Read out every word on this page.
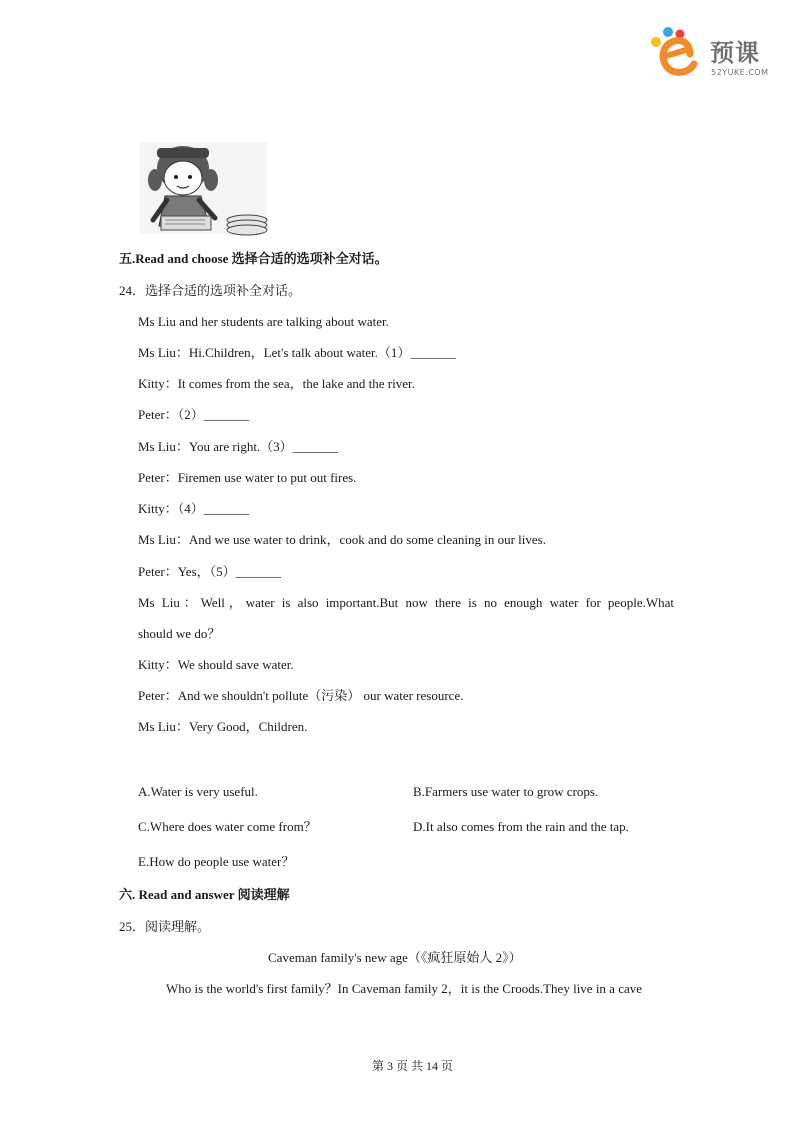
预课
52YUKE.COM
五.Read and choose 选择合适的选项补全对话。
24．选择合适的选项补全对话。
Ms Liu and her students are talking about water.
Ms Liu：Hi.Children，Let's talk about water.（1）_______
Kitty：It comes from the sea，the lake and the river.
Peter：（2）_______
Ms Liu：You are right.（3）_______
Peter：Firemen use water to put out fires.
Kitty：（4）_______
Ms Liu：And we use water to drink，cook and do some cleaning in our lives.
Peter：Yes，（5）_______
Ms Liu：Well，water is also important.But now there is no enough water for people.What
should we do？
Kitty：We should save water.
Peter：And we shouldn't pollute（污染） our water resource.
Ms Liu：Very Good，Children.
A.Water is very useful.	B.Farmers use water to grow crops.
C.Where does water come from？	D.It also comes from the rain and the tap.
E.How do people use water？
六. Read and answer 阅读理解
25．阅读理解。
Caveman family's new age（《疯狂原始人 2》）
Who is the world's first family？In Caveman family 2，it is the Croods.They live in a cave
第 3 页 共 14 页
